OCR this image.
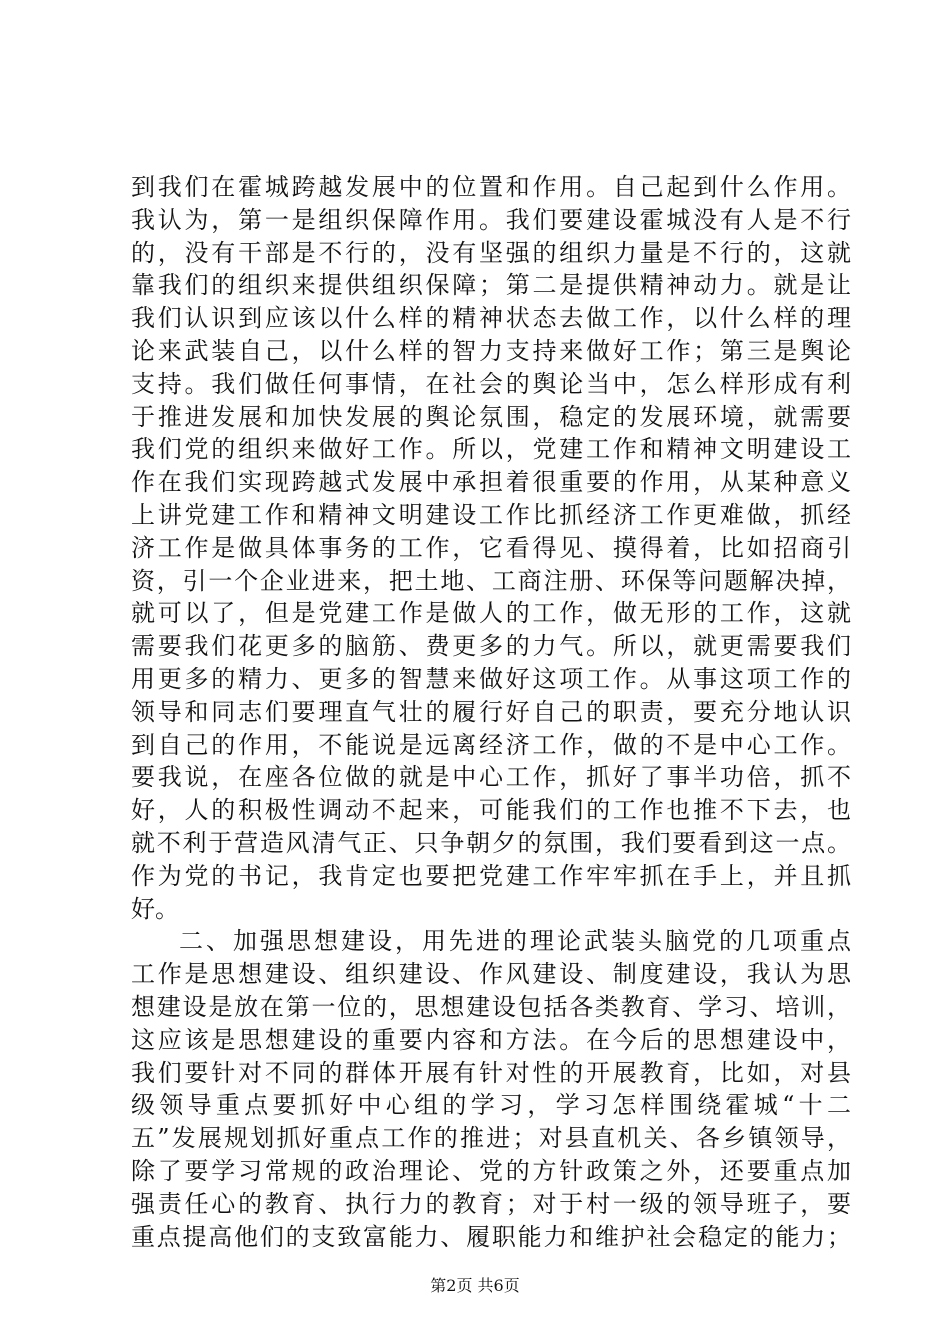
到我们在霍城跨越发展中的位置和作用。自己起到什么作用。
我认为，第一是组织保障作用。我们要建设霍城没有人是不行
的，没有干部是不行的，没有坚强的组织力量是不行的，这就
靠我们的组织来提供组织保障；第二是提供精神动力。就是让
我们认识到应该以什么样的精神状态去做工作，以什么样的理
论来武装自己，以什么样的智力支持来做好工作；第三是舆论
支持。我们做任何事情，在社会的舆论当中，怎么样形成有利
于推进发展和加快发展的舆论氛围，稳定的发展环境，就需要
我们党的组织来做好工作。所以，党建工作和精神文明建设工
作在我们实现跨越式发展中承担着很重要的作用，从某种意义
上讲党建工作和精神文明建设工作比抓经济工作更难做，抓经
济工作是做具体事务的工作，它看得见、摸得着，比如招商引
资，引一个企业进来，把土地、工商注册、环保等问题解决掉，
就可以了，但是党建工作是做人的工作，做无形的工作，这就
需要我们花更多的脑筋、费更多的力气。所以，就更需要我们
用更多的精力、更多的智慧来做好这项工作。从事这项工作的
领导和同志们要理直气壮的履行好自己的职责，要充分地认识
到自己的作用，不能说是远离经济工作，做的不是中心工作。
要我说，在座各位做的就是中心工作，抓好了事半功倍，抓不
好，人的积极性调动不起来，可能我们的工作也推不下去，也
就不利于营造风清气正、只争朝夕的氛围，我们要看到这一点。
作为党的书记，我肯定也要把党建工作牢牢抓在手上，并且抓
好。
二、加强思想建设，用先进的理论武装头脑党的几项重点
工作是思想建设、组织建设、作风建设、制度建设，我认为思
想建设是放在第一位的，思想建设包括各类教育、学习、培训，
这应该是思想建设的重要内容和方法。在今后的思想建设中，
我们要针对不同的群体开展有针对性的开展教育，比如，对县
级领导重点要抓好中心组的学习，学习怎样围绕霍城“十二
五”发展规划抓好重点工作的推进；对县直机关、各乡镇领导，
除了要学习常规的政治理论、党的方针政策之外，还要重点加
强责任心的教育、执行力的教育；对于村一级的领导班子，要
重点提高他们的支致富能力、履职能力和维护社会稳定的能力；
第2页 共6页
